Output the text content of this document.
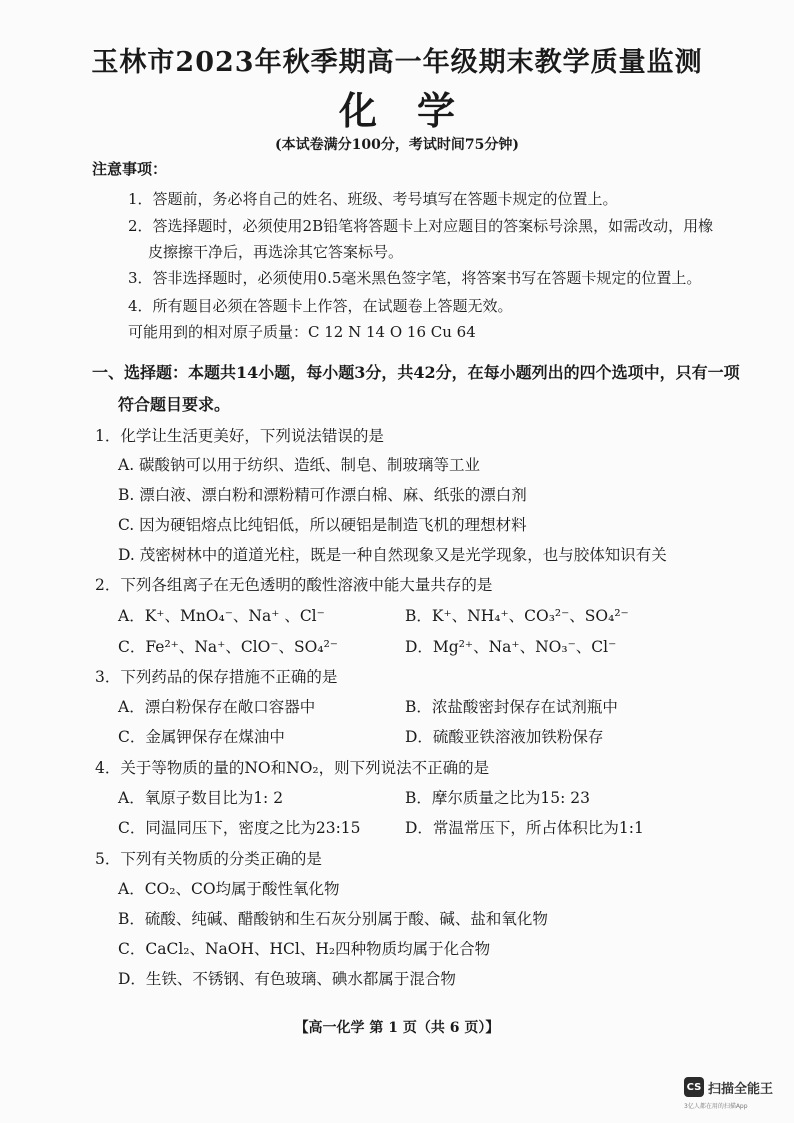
玉林市2023年秋季期高一年级期末教学质量监测
化学
(本试卷满分100分，考试时间75分钟)
注意事项：
1．答题前，务必将自己的姓名、班级、考号填写在答题卡规定的位置上。
2．答选择题时，必须使用2B铅笔将答题卡上对应题目的答案标号涂黑，如需改动，用橡
皮擦擦干净后，再选涂其它答案标号。
3．答非选择题时，必须使用0.5毫米黑色签字笔，将答案书写在答题卡规定的位置上。
4．所有题目必须在答题卡上作答，在试题卷上答题无效。
可能用到的相对原子质量：C 12 N 14 O 16 Cu 64
一、选择题：本题共14小题，每小题3分，共42分，在每小题列出的四个选项中，只有一项
符合题目要求。
1．化学让生活更美好，下列说法错误的是
A. 碳酸钠可以用于纺织、造纸、制皂、制玻璃等工业
B. 漂白液、漂白粉和漂粉精可作漂白棉、麻、纸张的漂白剂
C. 因为硬铝熔点比纯铝低，所以硬铝是制造飞机的理想材料
D. 茂密树林中的道道光柱，既是一种自然现象又是光学现象，也与胶体知识有关
2．下列各组离子在无色透明的酸性溶液中能大量共存的是
A．K⁺、MnO₄⁻、Na⁺ 、Cl⁻	B．K⁺、NH₄⁺、CO₃²⁻、SO₄²⁻
C．Fe²⁺、Na⁺、ClO⁻、SO₄²⁻	D．Mg²⁺、Na⁺、NO₃⁻、Cl⁻
3．下列药品的保存措施不正确的是
A．漂白粉保存在敞口容器中	B．浓盐酸密封保存在试剂瓶中
C．金属钾保存在煤油中	D．硫酸亚铁溶液加铁粉保存
4．关于等物质的量的NO和NO₂，则下列说法不正确的是
A．氧原子数目比为1: 2	B．摩尔质量之比为15: 23
C．同温同压下，密度之比为23:15	D．常温常压下，所占体积比为1:1
5．下列有关物质的分类正确的是
A．CO₂、CO均属于酸性氧化物
B．硫酸、纯碱、醋酸钠和生石灰分别属于酸、碱、盐和氧化物
C．CaCl₂、NaOH、HCl、H₂四种物质均属于化合物
D．生铁、不锈钢、有色玻璃、碘水都属于混合物
【高一化学 第 1 页（共 6 页）】
CS 扫描全能王
3亿人都在用的扫描App
